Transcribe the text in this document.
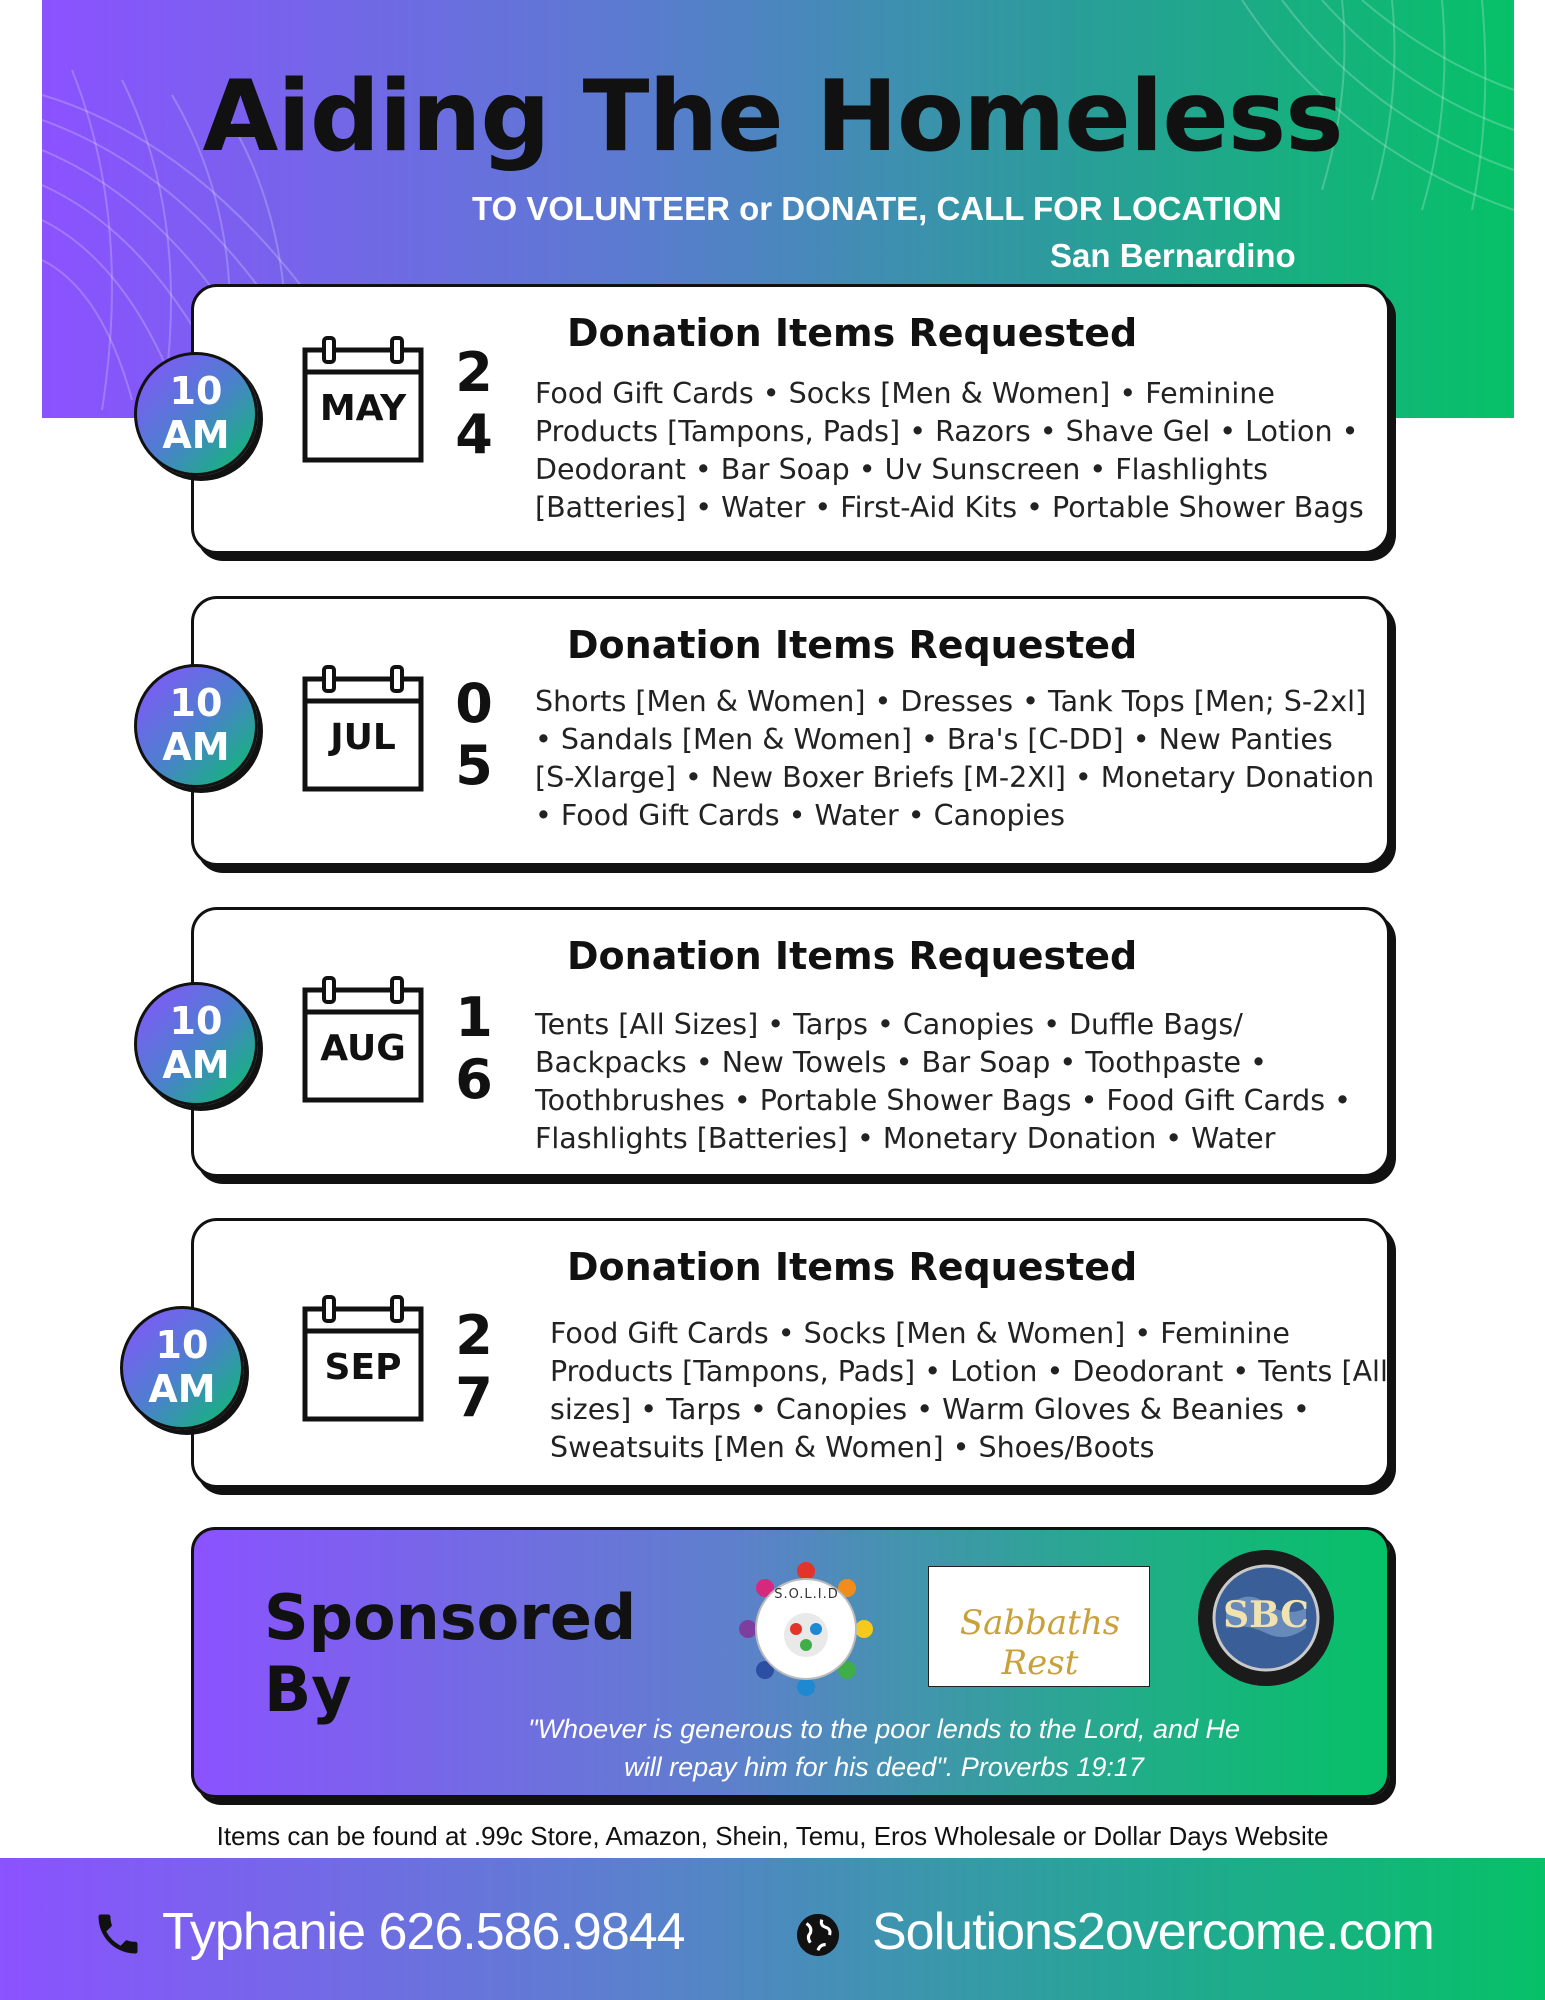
Aiding The Homeless
TO VOLUNTEER or DONATE, CALL FOR LOCATION
San Bernardino
Donation Items Requested
Food Gift Cards • Socks [Men & Women] • Feminine Products [Tampons, Pads] • Razors • Shave Gel • Lotion • Deodorant • Bar Soap • Uv Sunscreen • Flashlights [Batteries] • Water • First-Aid Kits • Portable Shower Bags
10
AM
MAY
2
4
Donation Items Requested
Shorts [Men & Women] • Dresses • Tank Tops [Men; S-2xl] • Sandals [Men & Women] • Bra's [C-DD] • New Panties [S-Xlarge] • New Boxer Briefs [M-2Xl] • Monetary Donation • Food Gift Cards • Water • Canopies
10
AM	JUL
0
5
Donation Items Requested
Tents [All Sizes] • Tarps • Canopies • Duffle Bags/ Backpacks • New Towels • Bar Soap • Toothpaste • Toothbrushes • Portable Shower Bags • Food Gift Cards • Flashlights [Batteries] • Monetary Donation • Water
10
AM	AUG 1
6
Donation Items Requested
Food Gift Cards • Socks [Men & Women] • Feminine Products [Tampons, Pads] • Lotion • Deodorant • Tents [All sizes] • Tarps • Canopies • Warm Gloves & Beanies • Sweatsuits [Men & Women] • Shoes/Boots
10
AM	SEP
2
7
Sponsored
By
S.O.L.I.D
Sabbaths Rest
SBC
"Whoever is generous to the poor lends to the Lord, and He will repay him for his deed". Proverbs 19:17
Items can be found at .99c Store, Amazon, Shein, Temu, Eros Wholesale or Dollar Days Website
Typhanie 626.586.9844	Solutions2overcome.com
